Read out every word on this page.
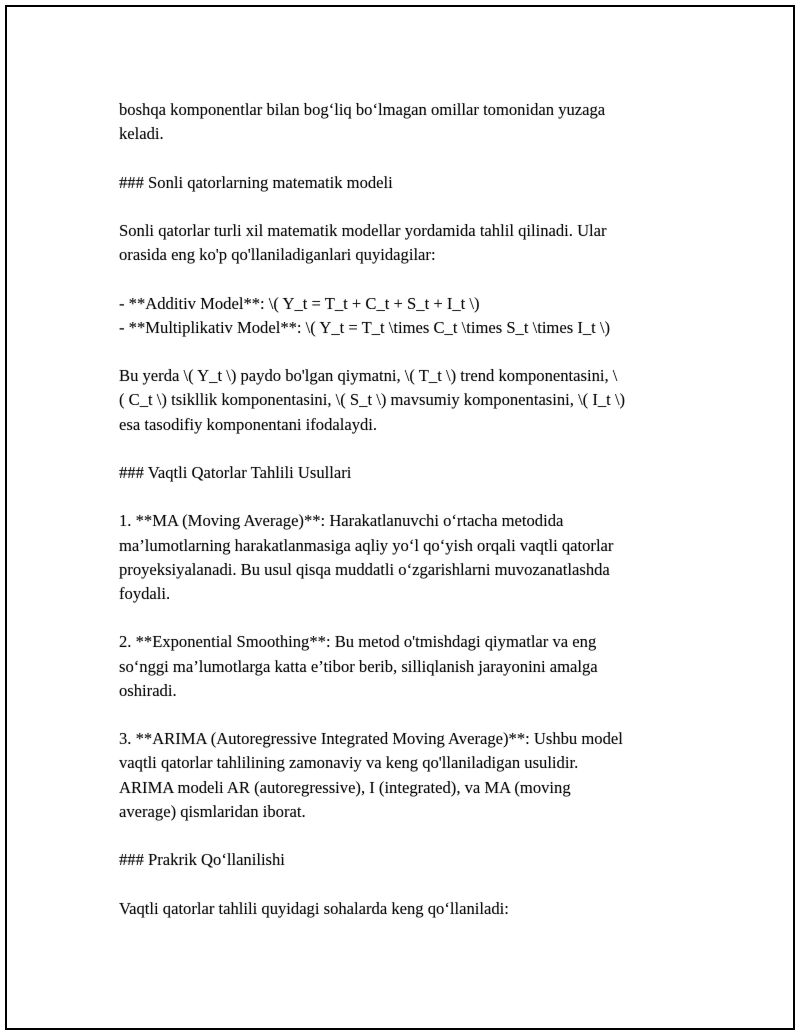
boshqa komponentlar bilan bog‘liq bo‘lmagan omillar tomonidan yuzaga
keladi.

### Sonli qatorlarning matematik modeli

Sonli qatorlar turli xil matematik modellar yordamida tahlil qilinadi. Ular
orasida eng ko'p qo'llaniladiganlari quyidagilar:

- **Additiv Model**: \( Y_t = T_t + C_t + S_t + I_t \)
- **Multiplikativ Model**: \( Y_t = T_t \times C_t \times S_t \times I_t \)

Bu yerda \( Y_t \) paydo bo'lgan qiymatni, \( T_t \) trend komponentasini, \
( C_t \) tsikllik komponentasini, \( S_t \) mavsumiy komponentasini, \( I_t \)
esa tasodifiy komponentani ifodalaydi.

### Vaqtli Qatorlar Tahlili Usullari

1. **MA (Moving Average)**: Harakatlanuvchi o‘rtacha metodida
ma’lumotlarning harakatlanmasiga aqliy yo‘l qo‘yish orqali vaqtli qatorlar
proyeksiyalanadi. Bu usul qisqa muddatli o‘zgarishlarni muvozanatlashda
foydali.

2. **Exponential Smoothing**: Bu metod o'tmishdagi qiymatlar va eng
so‘nggi ma’lumotlarga katta e’tibor berib, silliqlanish jarayonini amalga
oshiradi.

3. **ARIMA (Autoregressive Integrated Moving Average)**: Ushbu model
vaqtli qatorlar tahlilining zamonaviy va keng qo'llaniladigan usulidir.
ARIMA modeli AR (autoregressive), I (integrated), va MA (moving
average) qismlaridan iborat.

### Prakrik Qo‘llanilishi

Vaqtli qatorlar tahlili quyidagi sohalarda keng qo‘llaniladi:
